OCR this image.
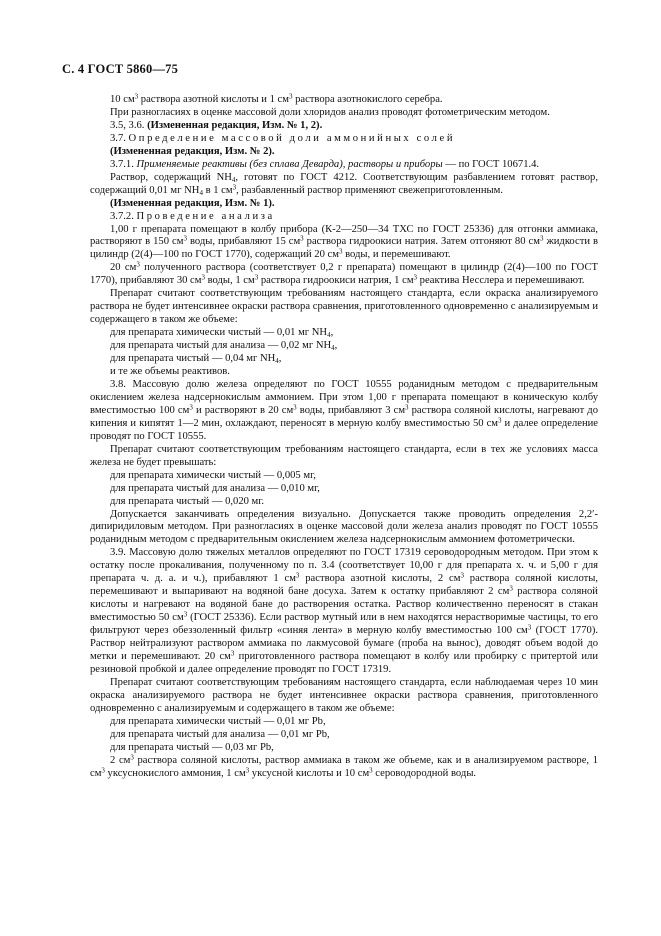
С. 4 ГОСТ 5860—75

10 $см^3$ раствора азотной кислоты и 1 $см^3$ раствора азотнокислого серебра.

При разногласиях в оценке массовой доли хлоридов анализ проводят фотометрическим методом.

3.5, 3.6. (Измененная редакция, Изм. № 1, 2).

3.7. Определение массовой доли аммонийных солей

(Измененная редакция, Изм. № 2).

3.7.1. Применяемые реактивы (без сплава Деварда), растворы и приборы — по ГОСТ 10671.4.

Раствор, содержащий $NH_4$, готовят по ГОСТ 4212. Соответствующим разбавлением готовят раствор, содержащий 0,01 мг $NH_4$ в 1 $см^3$, разбавленный раствор применяют свежеприготовленным.

(Измененная редакция, Изм. № 1).

3.7.2. Проведение анализа

1,00 г препарата помещают в колбу прибора (К-2—250—34 ТХС по ГОСТ 25336) для отгонки аммиака, растворяют в 150 $см^3$ воды, прибавляют 15 $см^3$ раствора гидроокиси натрия. Затем отгоняют 80 $см^3$ жидкости в цилиндр (2(4)—100 по ГОСТ 1770), содержащий 20 $см^3$ воды, и перемешивают.

20 $см^3$ полученного раствора (соответствует 0,2 г препарата) помещают в цилиндр (2(4)—100 по ГОСТ 1770), прибавляют 30 $см^3$ воды, 1 $см^3$ раствора гидроокиси натрия, 1 $см^3$ реактива Несслера и перемешивают.

Препарат считают соответствующим требованиям настоящего стандарта, если окраска анализируемого раствора не будет интенсивнее окраски раствора сравнения, приготовленного одновременно с анализируемым и содержащего в таком же объеме:

для препарата химически чистый — 0,01 мг $NH_4$,

для препарата чистый для анализа — 0,02 мг $NH_4$,

для препарата чистый — 0,04 мг $NH_4$,

и те же объемы реактивов.

3.8. Массовую долю железа определяют по ГОСТ 10555 роданидным методом с предварительным окислением железа надсернокислым аммонием. При этом 1,00 г препарата помещают в коническую колбу вместимостью 100 $см^3$ и растворяют в 20 $см^3$ воды, прибавляют 3 $см^3$ раствора соляной кислоты, нагревают до кипения и кипятят 1—2 мин, охлаждают, переносят в мерную колбу вместимостью 50 $см^3$ и далее определение проводят по ГОСТ 10555.

Препарат считают соответствующим требованиям настоящего стандарта, если в тех же условиях масса железа не будет превышать:

для препарата химически чистый — 0,005 мг,

для препарата чистый для анализа — 0,010 мг,

для препарата чистый — 0,020 мг.

Допускается заканчивать определения визуально. Допускается также проводить определения 2,2′- дипиридиловым методом. При разногласиях в оценке массовой доли железа анализ проводят по ГОСТ 10555 роданидным методом с предварительным окислением железа надсернокислым аммонием фотометрически.

3.9. Массовую долю тяжелых металлов определяют по ГОСТ 17319 сероводородным методом. При этом к остатку после прокаливания, полученному по п. 3.4 (соответствует 10,00 г для препарата х. ч. и 5,00 г для препарата ч. д. а. и ч.), прибавляют 1 $см^3$ раствора азотной кислоты, 2 $см^3$ раствора соляной кислоты, перемешивают и выпаривают на водяной бане досуха. Затем к остатку прибавляют 2 $см^3$ раствора соляной кислоты и нагревают на водяной бане до растворения остатка. Раствор количественно переносят в стакан вместимостью 50 $см^3$ (ГОСТ 25336). Если раствор мутный или в нем находятся нерастворимые частицы, то его фильтруют через обеззоленный фильтр «синяя лента» в мерную колбу вместимостью 100 $см^3$ (ГОСТ 1770). Раствор нейтрализуют раствором аммиака по лакмусовой бумаге (проба на вынос), доводят объем водой до метки и перемешивают. 20 $см^3$ приготовленного раствора помещают в колбу или пробирку с притертой или резиновой пробкой и далее определение проводят по ГОСТ 17319.

Препарат считают соответствующим требованиям настоящего стандарта, если наблюдаемая через 10 мин окраска анализируемого раствора не будет интенсивнее окраски раствора сравнения, приготовленного одновременно с анализируемым и содержащего в таком же объеме:

для препарата химически чистый — 0,01 мг Pb,

для препарата чистый для анализа — 0,01 мг Pb,

для препарата чистый — 0,03 мг Pb,

2 $см^3$ раствора соляной кислоты, раствор аммиака в таком же объеме, как и в анализируемом растворе, 1 $см^3$ уксуснокислого аммония, 1 $см^3$ уксусной кислоты и 10 $см^3$ сероводородной воды.
